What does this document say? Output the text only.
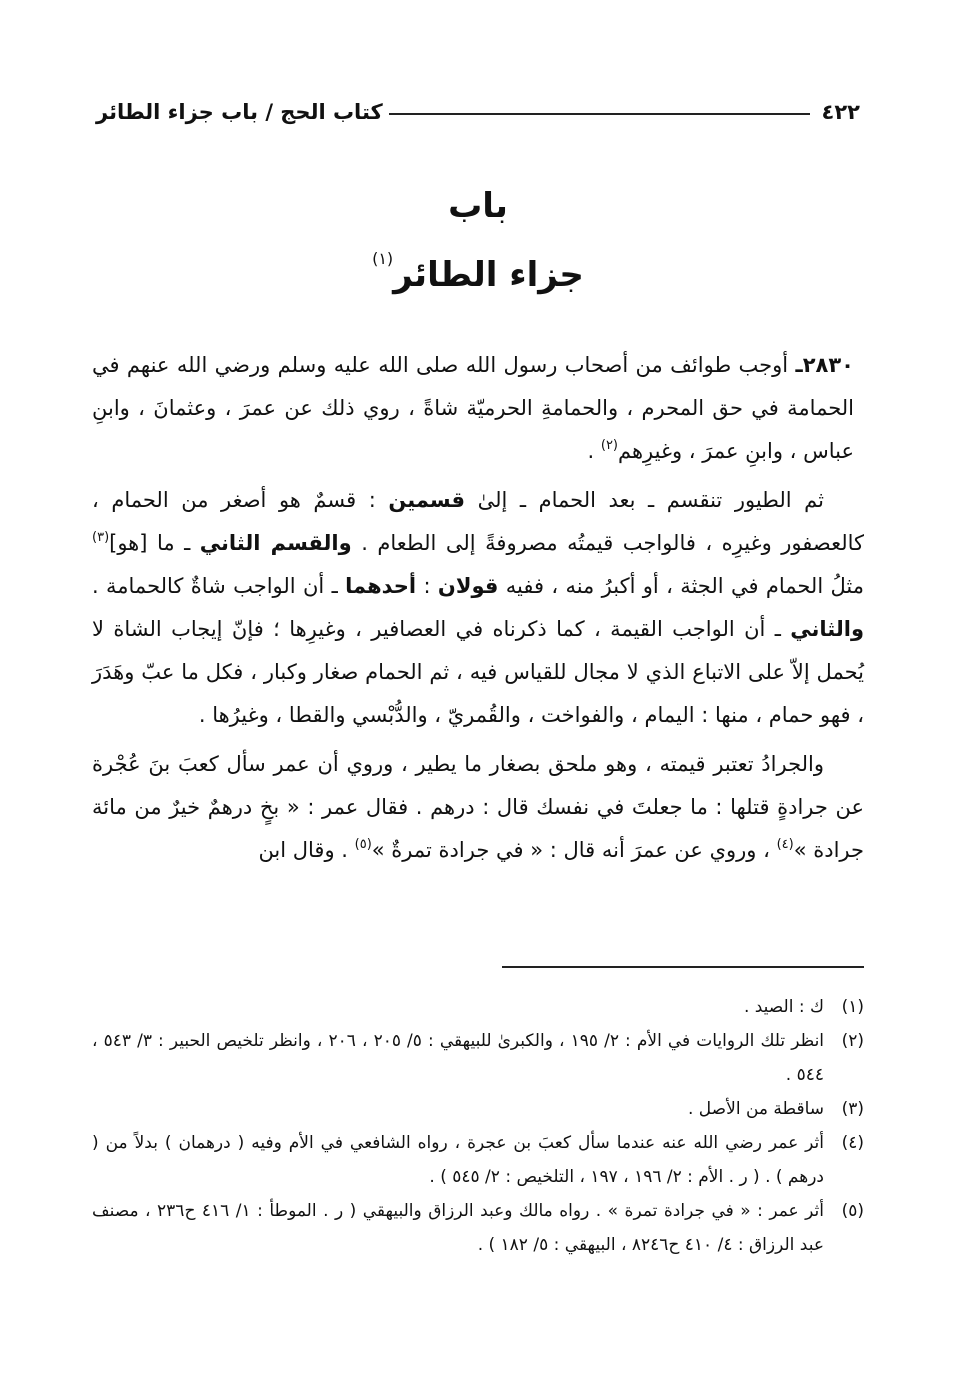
٤٢٢
كتاب الحج / باب جزاء الطائر
باب
جزاء الطائر$^{(١)}$

٢٨٣٠ـ أوجب طوائف من أصحاب رسول الله صلى الله عليه وسلم ورضي الله عنهم في الحمامة في حق المحرم ، والحمامةِ الحرميّة شاةً ، روي ذلك عن عمرَ ، وعثمانَ ، وابنِ عباس ، وابنِ عمرَ ، وغيرِهم$^{(٢)}$ .

ثم الطيور تنقسم ـ بعد الحمام ـ إلىٰ قسمين : قسمٌ هو أصغر من الحمام ، كالعصفور وغيرِه ، فالواجب قيمتُه مصروفةً إلى الطعام . والقسم الثاني ـ ما [هو]$^{(٣)}$ مثلُ الحمام في الجثة ، أو أكبرُ منه ، ففيه قولان : أحدهما ـ أن الواجب شاةٌ كالحمامة . والثاني ـ أن الواجب القيمة ، كما ذكرناه في العصافير ، وغيرِها ؛ فإنّ إيجاب الشاة لا يُحمل إلاّ على الاتباع الذي لا مجال للقياس فيه ، ثم الحمام صغار وكبار ، فكل ما عبّ وهَدَرَ ، فهو حمام ، منها : اليمام ، والفواخت ، والقُمريّ ، والدُّبْسي والقطا ، وغيرُها .

والجرادُ تعتبر قيمته ، وهو ملحق بصغار ما يطير ، وروي أن عمر سأل كعبَ بنَ عُجْرة عن جرادةٍ قتلها : ما جعلتَ في نفسك قال : درهم . فقال عمر : « بخٍ درهمٌ خيرٌ من مائة جرادة »$^{(٤)}$ ، وروي عن عمرَ أنه قال : « في جرادة تمرةٌ »$^{(٥)}$ . وقال ابن

(١)
ك : الصيد .
(٢)
انظر تلك الروايات في الأم : ٢/ ١٩٥ ، والكبرىٰ للبيهقي : ٥/ ٢٠٥ ، ٢٠٦ ، وانظر تلخيص الحبير : ٣/ ٥٤٣ ، ٥٤٤ .
(٣)
ساقطة من الأصل .
(٤)
أثر عمر رضي الله عنه عندما سأل كعبَ بن عجرة ، رواه الشافعي في الأم وفيه ( درهمان ) بدلاً من ( درهم ) . ( ر . الأم : ٢/ ١٩٦ ، ١٩٧ ، التلخيص : ٢/ ٥٤٥ ) .
(٥)
أثر عمر : « في جرادة تمرة » . رواه مالك وعبد الرزاق والبيهقي ( ر . الموطأ : ١/ ٤١٦ ح٢٣٦ ، مصنف عبد الرزاق : ٤/ ٤١٠ ح٨٢٤٦ ، البيهقي : ٥/ ١٨٢ ) .
